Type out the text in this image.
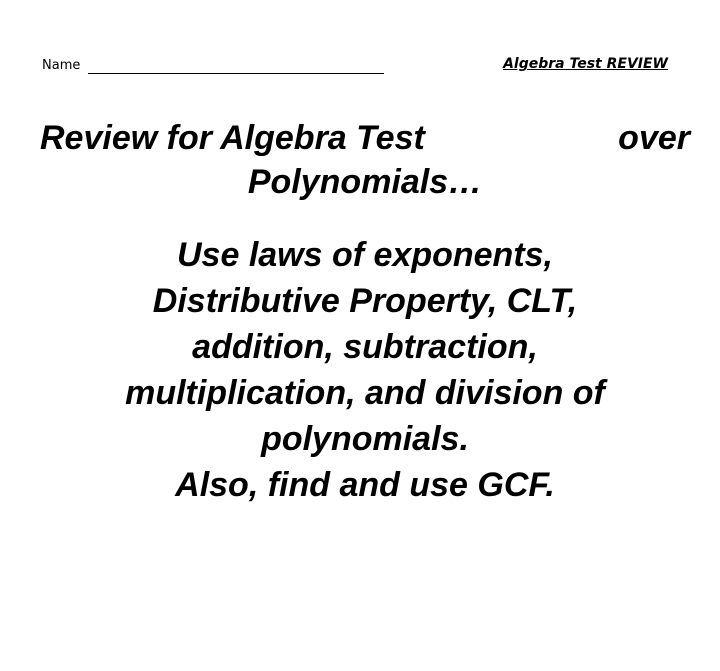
Name	Algebra Test REVIEW
Review for Algebra Test	over
Polynomials…
Use laws of exponents,
Distributive Property, CLT,
addition, subtraction,
multiplication, and division of
polynomials.
Also, find and use GCF.
